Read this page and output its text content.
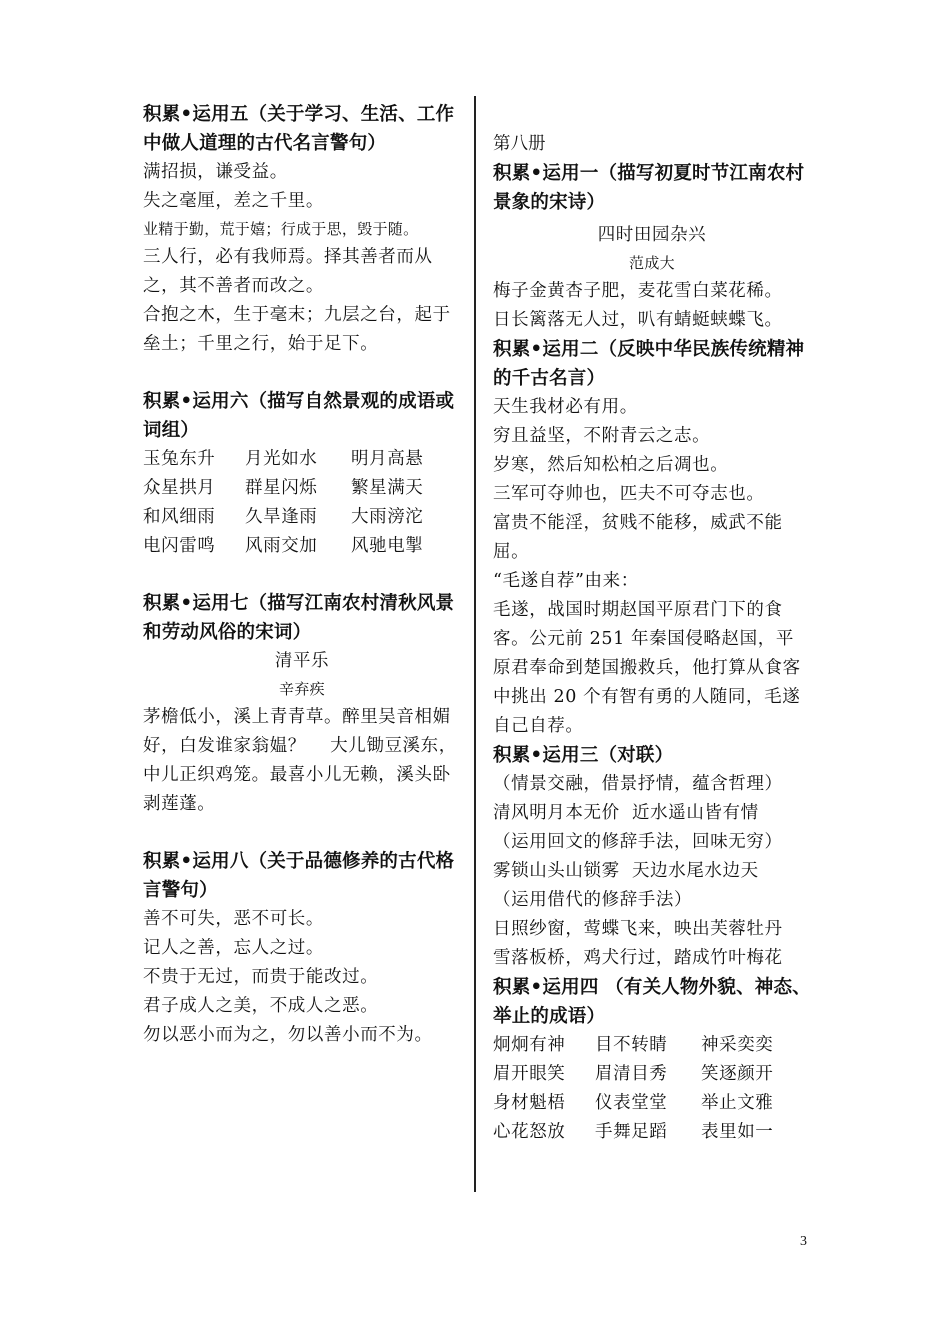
积累•运用五（关于学习、生活、工作中做人道理的古代名言警句）
满招损，谦受益。
失之毫厘，差之千里。
业精于勤，荒于嬉；行成于思，毁于随。
三人行，必有我师焉。择其善者而从之，其不善者而改之。
合抱之木，生于毫末；九层之台，起于垒土；千里之行，始于足下。
积累•运用六（描写自然景观的成语或词组）
玉兔东升	月光如水	明月高悬
众星拱月	群星闪烁	繁星满天
和风细雨	久旱逢雨	大雨滂沱
电闪雷鸣	风雨交加	风驰电掣
积累•运用七（描写江南农村清秋风景和劳动风俗的宋词）
清平乐
辛弃疾
茅檐低小，溪上青青草。醉里吴音相媚好，白发谁家翁媪？　 大儿锄豆溪东，中儿正织鸡笼。最喜小儿无赖，溪头卧剥莲蓬。
积累•运用八（关于品德修养的古代格言警句）
善不可失，恶不可长。
记人之善，忘人之过。
不贵于无过，而贵于能改过。
君子成人之美，不成人之恶。
勿以恶小而为之，勿以善小而不为。
第八册
积累•运用一（描写初夏时节江南农村景象的宋诗）
四时田园杂兴
范成大
梅子金黄杏子肥，麦花雪白菜花稀。
日长篱落无人过，叭有蜻蜓蛱蝶飞。
积累•运用二（反映中华民族传统精神的千古名言）
天生我材必有用。
穷且益坚，不附青云之志。
岁寒，然后知松柏之后凋也。
三军可夺帅也，匹夫不可夺志也。
富贵不能淫，贫贱不能移，威武不能屈。
“毛遂自荐”由来：
毛遂，战国时期赵国平原君门下的食客。公元前 251 年秦国侵略赵国，平原君奉命到楚国搬救兵，他打算从食客中挑出 20 个有智有勇的人随同，毛遂自己自荐。
积累•运用三（对联）
（情景交融，借景抒情，蕴含哲理）
清风明月本无价  近水遥山皆有情
（运用回文的修辞手法，回味无穷）
雾锁山头山锁雾  天边水尾水边天
（运用借代的修辞手法）
日照纱窗，莺蝶飞来，映出芙蓉牡丹
雪落板桥，鸡犬行过，踏成竹叶梅花
积累•运用四 （有关人物外貌、神态、举止的成语）
炯炯有神	目不转睛	神采奕奕
眉开眼笑	眉清目秀	笑逐颜开
身材魁梧	仪表堂堂	举止文雅
心花怒放	手舞足蹈	表里如一
3
